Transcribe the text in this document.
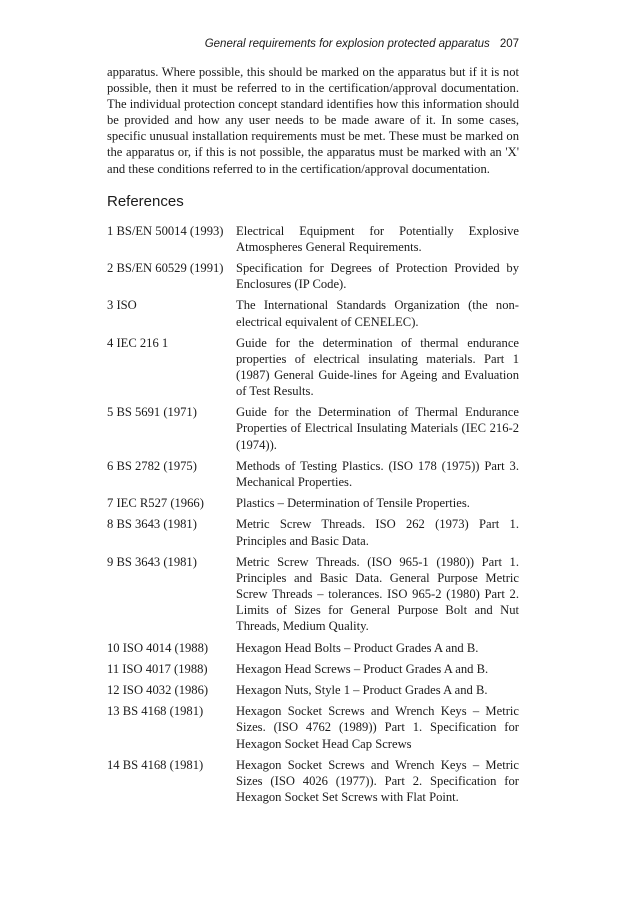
General requirements for explosion protected apparatus 207

apparatus. Where possible, this should be marked on the apparatus but if it is not possible, then it must be referred to in the certification/approval documentation. The individual protection concept standard identifies how this information should be provided and how any user needs to be made aware of it. In some cases, specific unusual installation requirements must be met. These must be marked on the apparatus or, if this is not possible, the apparatus must be marked with an 'X' and these conditions referred to in the certification/approval documentation.

References
1 BS/EN 50014 (1993) Electrical Equipment for Potentially Explosive Atmospheres General Requirements.
2 BS/EN 60529 (1991) Specification for Degrees of Protection Provided by Enclosures (IP Code).
3 ISO	The International Standards Organization (the non-electrical equivalent of CENELEC).
4 IEC 216 1	Guide for the determination of thermal endurance properties of electrical insulating materials. Part 1 (1987) General Guide-lines for Ageing and Evaluation of Test Results.
5 BS 5691 (1971)	Guide for the Determination of Thermal Endurance Properties of Electrical Insulating Materials (IEC 216-2 (1974)).
6 BS 2782 (1975)	Methods of Testing Plastics. (ISO 178 (1975)) Part 3. Mechanical Properties.
7 IEC R527 (1966)	Plastics – Determination of Tensile Properties.
8 BS 3643 (1981)	Metric Screw Threads. ISO 262 (1973) Part 1. Principles and Basic Data.
9 BS 3643 (1981)	Metric Screw Threads. (ISO 965-1 (1980)) Part 1. Principles and Basic Data. General Purpose Metric Screw Threads – tolerances. ISO 965-2 (1980) Part 2. Limits of Sizes for General Purpose Bolt and Nut Threads, Medium Quality.
10 ISO 4014 (1988)	Hexagon Head Bolts – Product Grades A and B.
11 ISO 4017 (1988)	Hexagon Head Screws – Product Grades A and B.
12 ISO 4032 (1986)	Hexagon Nuts, Style 1 – Product Grades A and B.
13 BS 4168 (1981)	Hexagon Socket Screws and Wrench Keys – Metric Sizes. (ISO 4762 (1989)) Part 1. Specification for Hexagon Socket Head Cap Screws
14 BS 4168 (1981)	Hexagon Socket Screws and Wrench Keys – Metric Sizes (ISO 4026 (1977)). Part 2. Specification for Hexagon Socket Set Screws with Flat Point.
